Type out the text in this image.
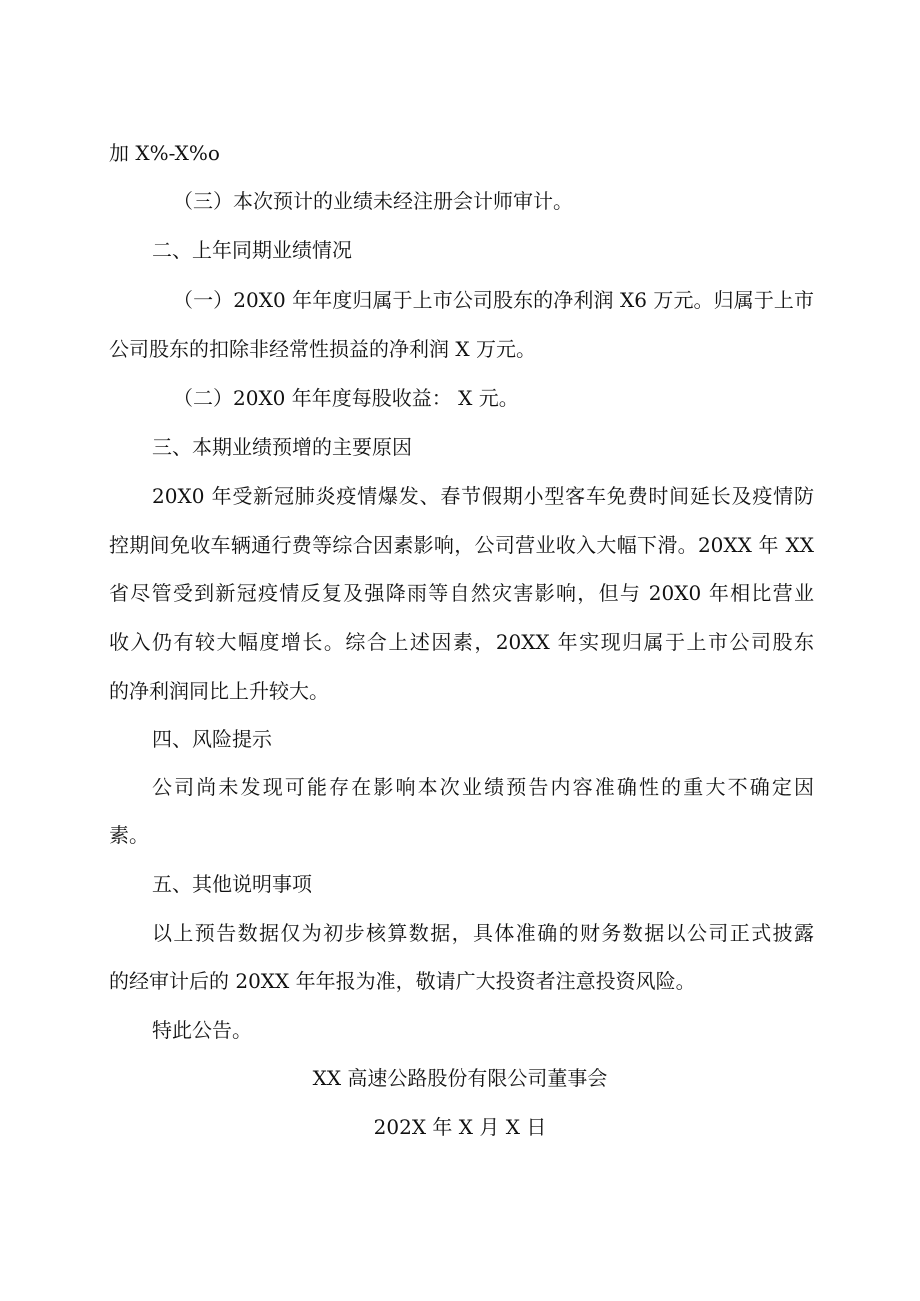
加 X%-X%o
（三）本次预计的业绩未经注册会计师审计。
二、上年同期业绩情况
（一）20X0 年年度归属于上市公司股东的净利润 X6 万元。归属于上市
公司股东的扣除非经常性损益的净利润 X 万元。
（二）20X0 年年度每股收益： X 元。
三、本期业绩预增的主要原因
20X0 年受新冠肺炎疫情爆发、春节假期小型客车免费时间延长及疫情防
控期间免收车辆通行费等综合因素影响，公司营业收入大幅下滑。20XX 年 XX
省尽管受到新冠疫情反复及强降雨等自然灾害影响，但与 20X0 年相比营业
收入仍有较大幅度增长。综合上述因素，20XX 年实现归属于上市公司股东
的净利润同比上升较大。
四、风险提示
公司尚未发现可能存在影响本次业绩预告内容准确性的重大不确定因
素。
五、其他说明事项
以上预告数据仅为初步核算数据，具体准确的财务数据以公司正式披露
的经审计后的 20XX 年年报为准，敬请广大投资者注意投资风险。
特此公告。
XX 高速公路股份有限公司董事会
202X 年 X 月 X 日
